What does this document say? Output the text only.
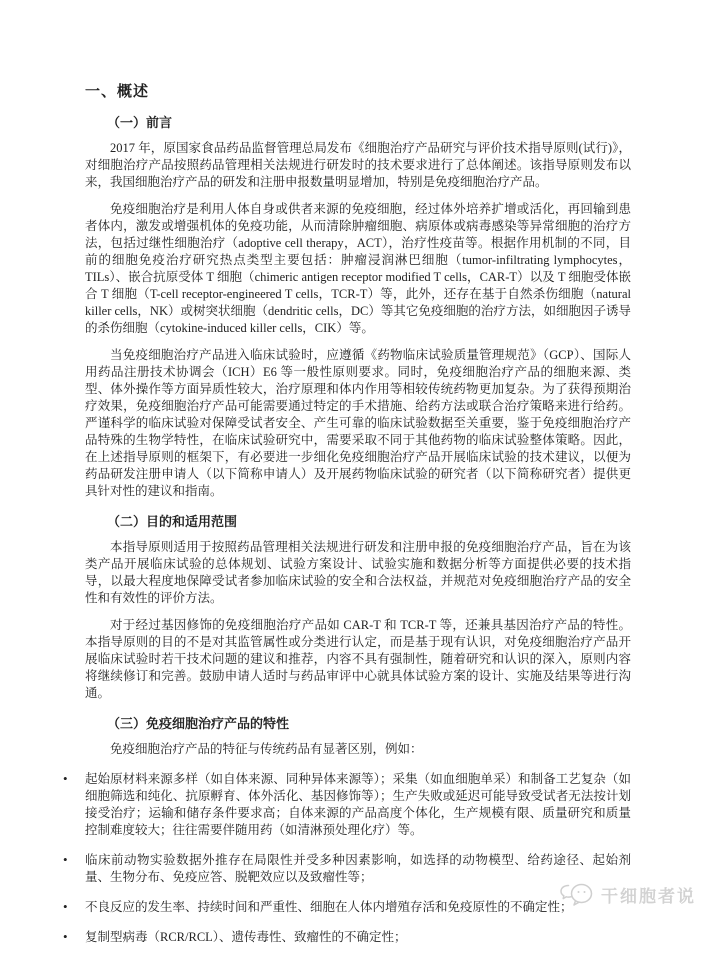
一、概述
（一）前言

2017 年，原国家食品药品监督管理总局发布《细胞治疗产品研究与评价技术指导原则(试行)》，对细胞治疗产品按照药品管理相关法规进行研发时的技术要求进行了总体阐述。该指导原则发布以来，我国细胞治疗产品的研发和注册申报数量明显增加，特别是免疫细胞治疗产品。

免疫细胞治疗是利用人体自身或供者来源的免疫细胞，经过体外培养扩增或活化，再回输到患者体内，激发或增强机体的免疫功能，从而清除肿瘤细胞、病原体或病毒感染等异常细胞的治疗方法，包括过继性细胞治疗（adoptive cell therapy，ACT），治疗性疫苗等。根据作用机制的不同，目前的细胞免疫治疗研究热点类型主要包括：肿瘤浸润淋巴细胞（tumor-infiltrating lymphocytes，TILs）、嵌合抗原受体 T 细胞（chimeric antigen receptor modified T cells，CAR-T）以及 T 细胞受体嵌合 T 细胞（T-cell receptor-engineered T cells，TCR-T）等，此外，还存在基于自然杀伤细胞（natural killer cells，NK）或树突状细胞（dendritic cells，DC）等其它免疫细胞的治疗方法，如细胞因子诱导的杀伤细胞（cytokine-induced killer cells，CIK）等。

当免疫细胞治疗产品进入临床试验时，应遵循《药物临床试验质量管理规范》（GCP）、国际人用药品注册技术协调会（ICH）E6 等一般性原则要求。同时，免疫细胞治疗产品的细胞来源、类型、体外操作等方面异质性较大，治疗原理和体内作用等相较传统药物更加复杂。为了获得预期治疗效果，免疫细胞治疗产品可能需要通过特定的手术措施、给药方法或联合治疗策略来进行给药。严谨科学的临床试验对保障受试者安全、产生可靠的临床试验数据至关重要，鉴于免疫细胞治疗产品特殊的生物学特性，在临床试验研究中，需要采取不同于其他药物的临床试验整体策略。因此，在上述指导原则的框架下，有必要进一步细化免疫细胞治疗产品开展临床试验的技术建议，以便为药品研发注册申请人（以下简称申请人）及开展药物临床试验的研究者（以下简称研究者）提供更具针对性的建议和指南。

（二）目的和适用范围

本指导原则适用于按照药品管理相关法规进行研发和注册申报的免疫细胞治疗产品，旨在为该类产品开展临床试验的总体规划、试验方案设计、试验实施和数据分析等方面提供必要的技术指导，以最大程度地保障受试者参加临床试验的安全和合法权益，并规范对免疫细胞治疗产品的安全性和有效性的评价方法。

对于经过基因修饰的免疫细胞治疗产品如 CAR-T 和 TCR-T 等，还兼具基因治疗产品的特性。本指导原则的目的不是对其监管属性或分类进行认定，而是基于现有认识，对免疫细胞治疗产品开展临床试验时若干技术问题的建议和推荐，内容不具有强制性，随着研究和认识的深入，原则内容将继续修订和完善。鼓励申请人适时与药品审评中心就具体试验方案的设计、实施及结果等进行沟通。

（三）免疫细胞治疗产品的特性

免疫细胞治疗产品的特征与传统药品有显著区别，例如：

• 起始原材料来源多样（如自体来源、同种异体来源等）；采集（如血细胞单采）和制备工艺复杂（如细胞筛选和纯化、抗原孵育、体外活化、基因修饰等）；生产失败或延迟可能导致受试者无法按计划接受治疗；运输和储存条件要求高；自体来源的产品高度个体化，生产规模有限、质量研究和质量控制难度较大；往往需要伴随用药（如清淋预处理化疗）等。
• 临床前动物实验数据外推存在局限性并受多种因素影响，如选择的动物模型、给药途径、起始剂量、生物分布、免疫应答、脱靶效应以及致瘤性等；
• 不良反应的发生率、持续时间和严重性、细胞在人体内增殖存活和免疫原性的不确定性；
• 复制型病毒（RCR/RCL）、遗传毒性、致瘤性的不确定性；
干细胞者说
